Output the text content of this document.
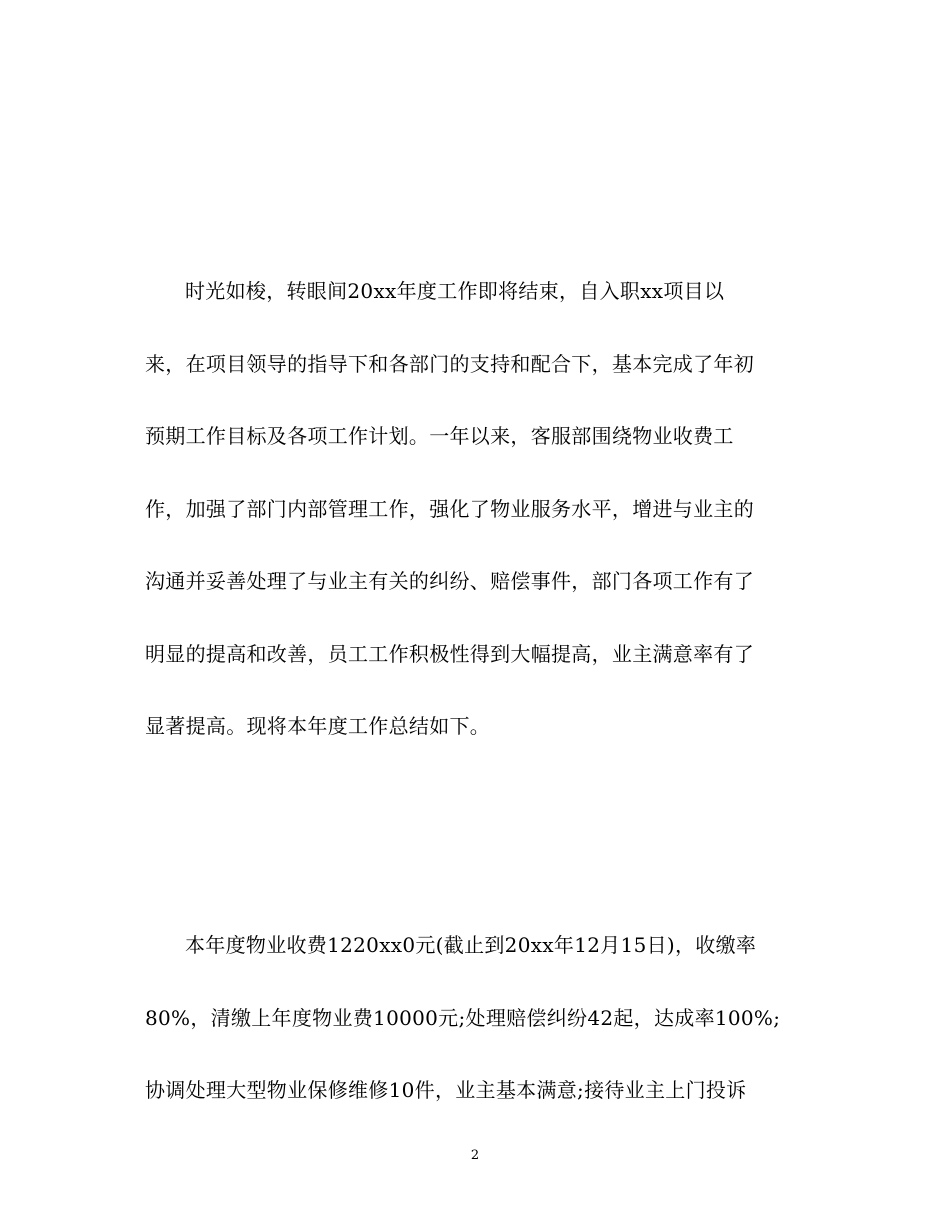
时光如梭，转眼间20xx年度工作即将结束，自入职xx项目以
来，在项目领导的指导下和各部门的支持和配合下，基本完成了年初
预期工作目标及各项工作计划。一年以来，客服部围绕物业收费工
作，加强了部门内部管理工作，强化了物业服务水平，增进与业主的
沟通并妥善处理了与业主有关的纠纷、赔偿事件，部门各项工作有了
明显的提高和改善，员工工作积极性得到大幅提高，业主满意率有了
显著提高。现将本年度工作总结如下。
本年度物业收费1220xx0元(截止到20xx年12月15日)，收缴率
80%，清缴上年度物业费10000元;处理赔偿纠纷42起，达成率100%;
协调处理大型物业保修维修10件，业主基本满意;接待业主上门投诉
2
